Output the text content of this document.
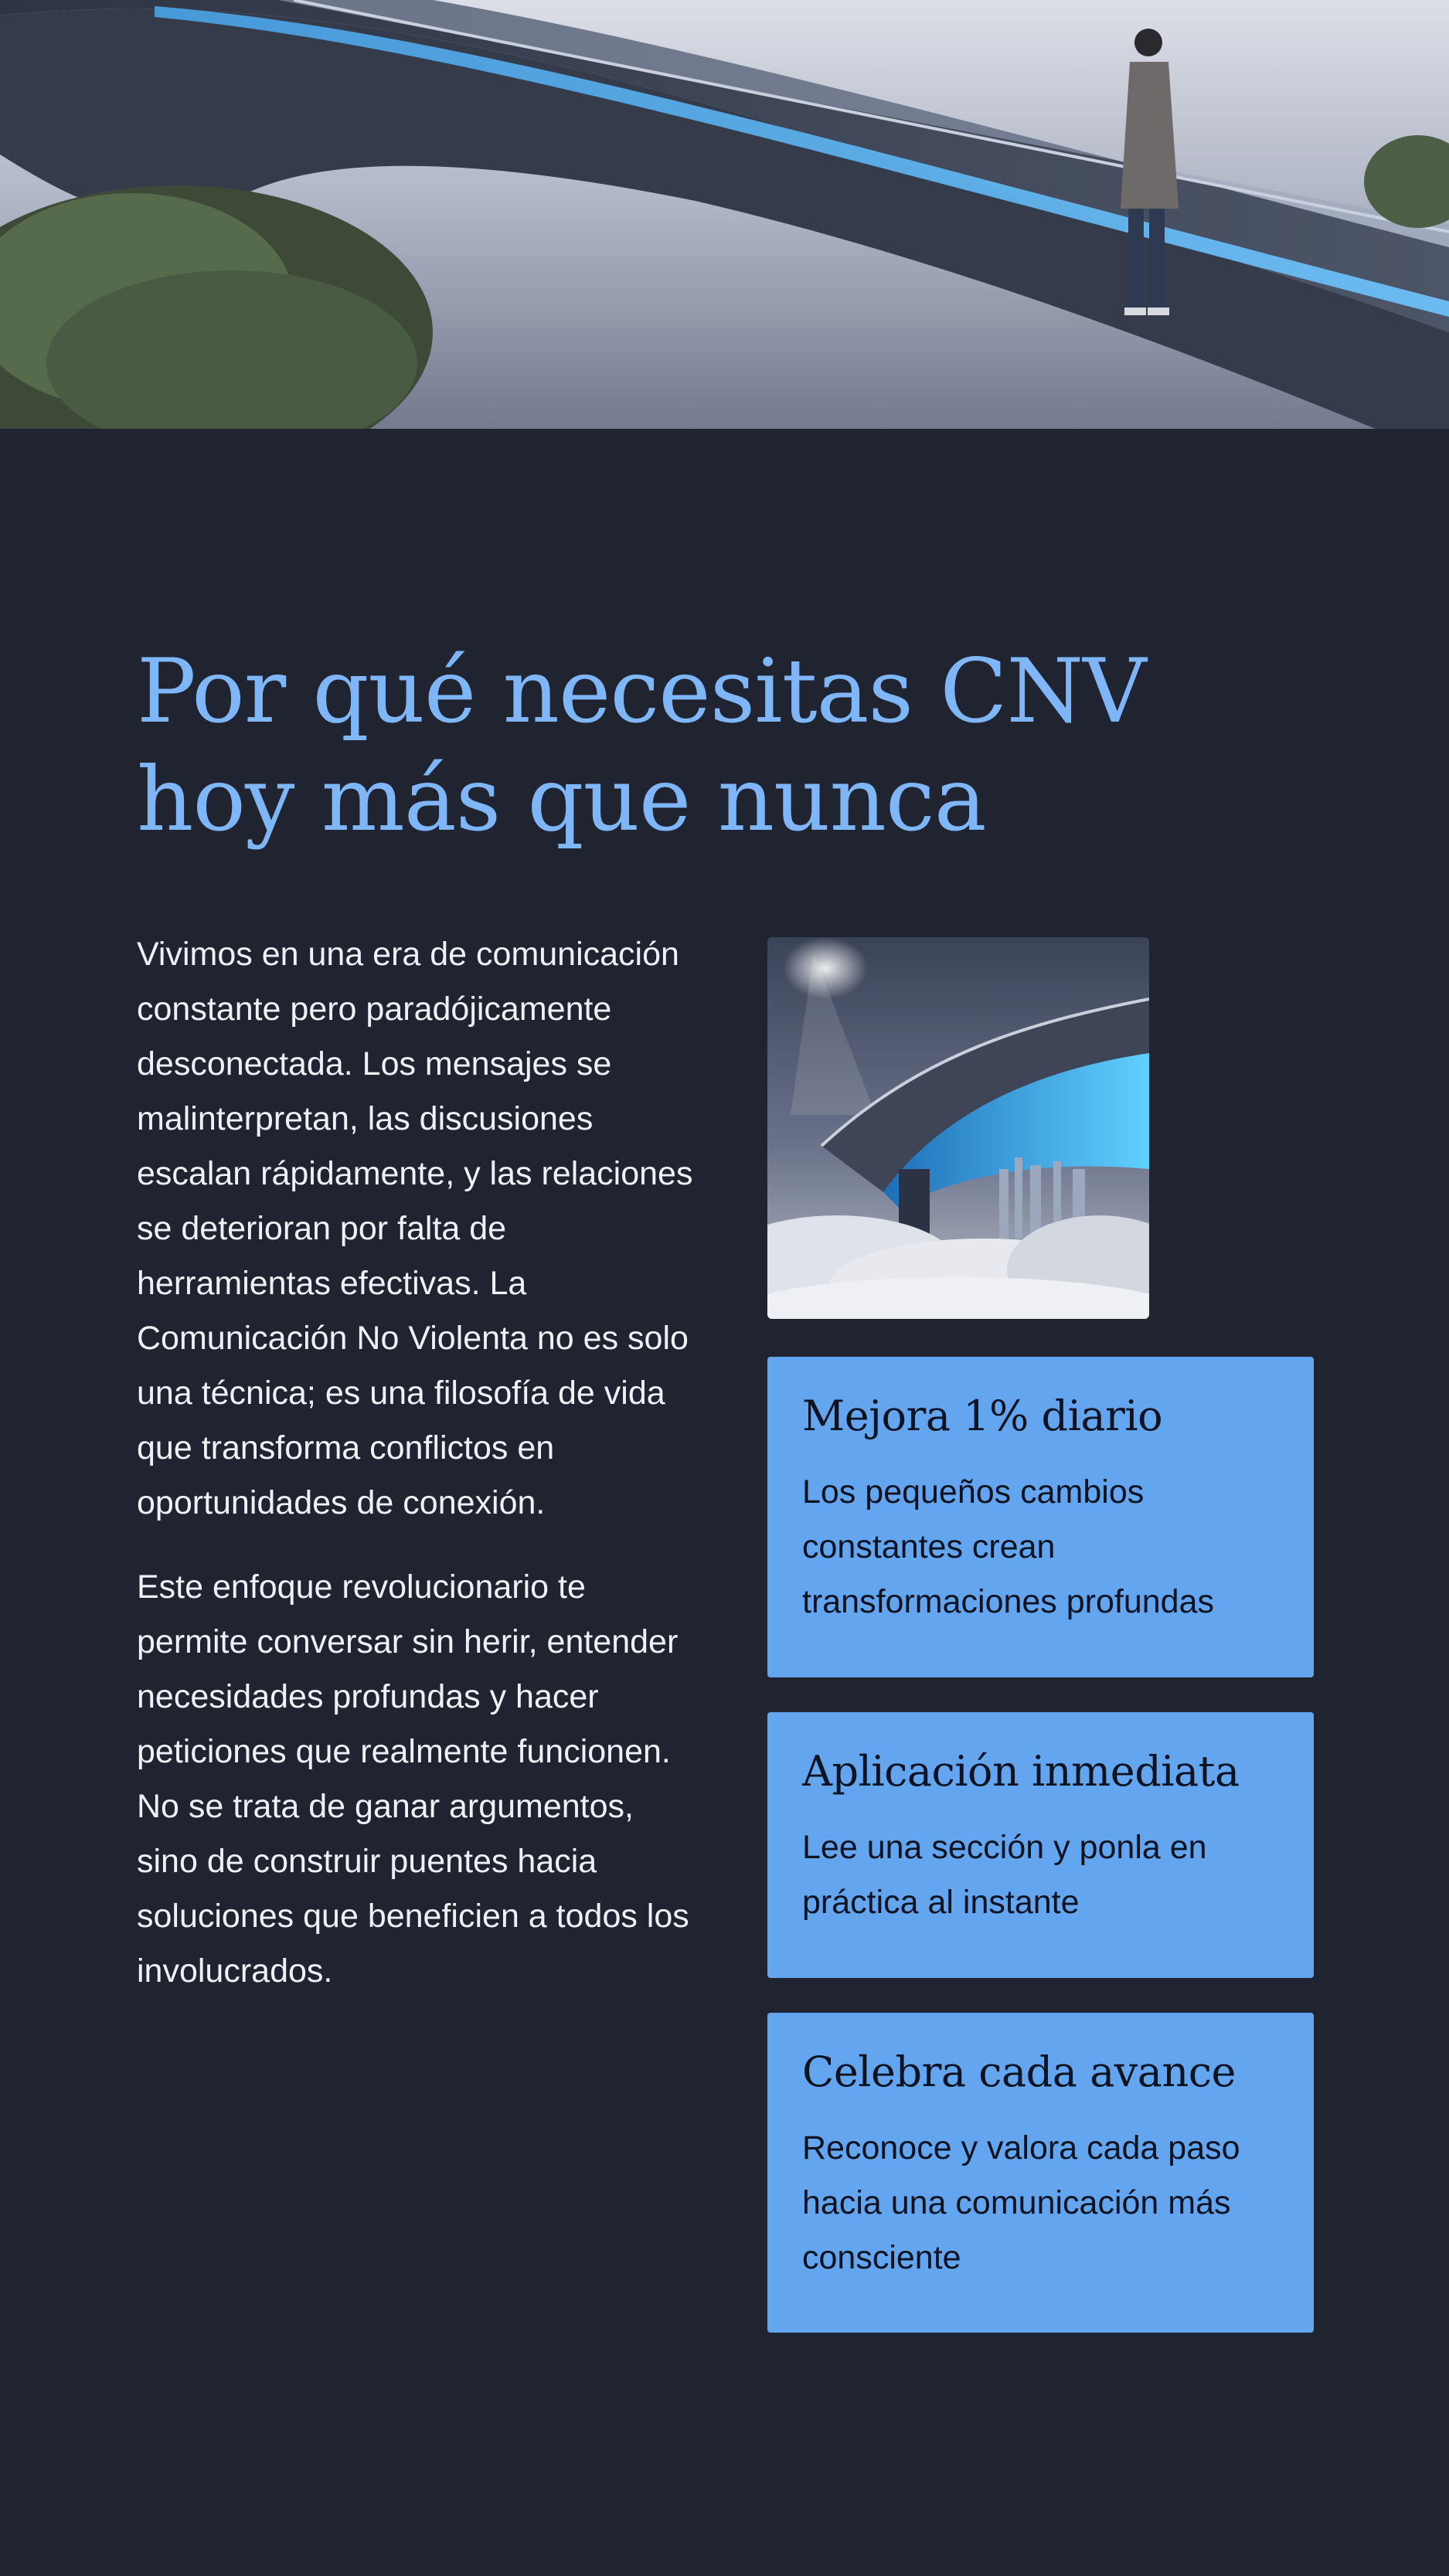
Por qué necesitas CNV hoy más que nunca

Vivimos en una era de comunicación constante pero paradójicamente desconectada. Los mensajes se malinterpretan, las discusiones escalan rápidamente, y las relaciones se deterioran por falta de herramientas efectivas. La Comunicación No Violenta no es solo una técnica; es una filosofía de vida que transforma conflictos en oportunidades de conexión.

Este enfoque revolucionario te permite conversar sin herir, entender necesidades profundas y hacer peticiones que realmente funcionen. No se trata de ganar argumentos, sino de construir puentes hacia soluciones que beneficien a todos los involucrados.

Mejora 1% diario

Los pequeños cambios constantes crean transformaciones profundas

Aplicación inmediata

Lee una sección y ponla en práctica al instante

Celebra cada avance

Reconoce y valora cada paso hacia una comunicación más consciente
